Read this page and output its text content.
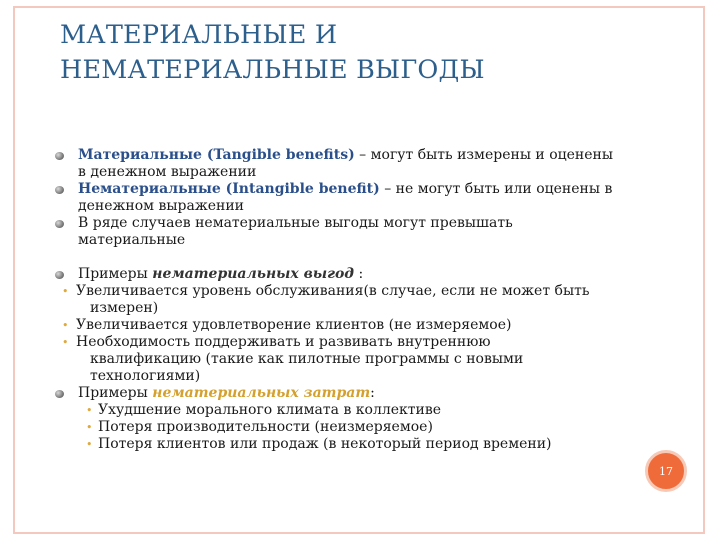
МАТЕРИАЛЬНЫЕ И
НЕМАТЕРИАЛЬНЫЕ ВЫГОДЫ
Материальные (Tangible benefits) – могут быть измерены и оценены
в денежном выражении
Нематериальные (Intangible benefit) – не могут быть или оценены в
денежном выражении
В ряде случаев нематериальные выгоды могут превышать
материальные
Примеры нематериальных выгод :
• Увеличивается уровень обслуживания(в случае, если не может быть
измерен)
• Увеличивается удовлетворение клиентов (не измеряемое)
• Необходимость поддерживать и развивать внутреннюю
квалификацию (такие как пилотные программы с новыми
технологиями)
Примеры нематериальных затрат:
• Ухудшение морального климата в коллективе
• Потеря производительности (неизмеряемое)
• Потеря клиентов или продаж (в некоторый период времени)
17
